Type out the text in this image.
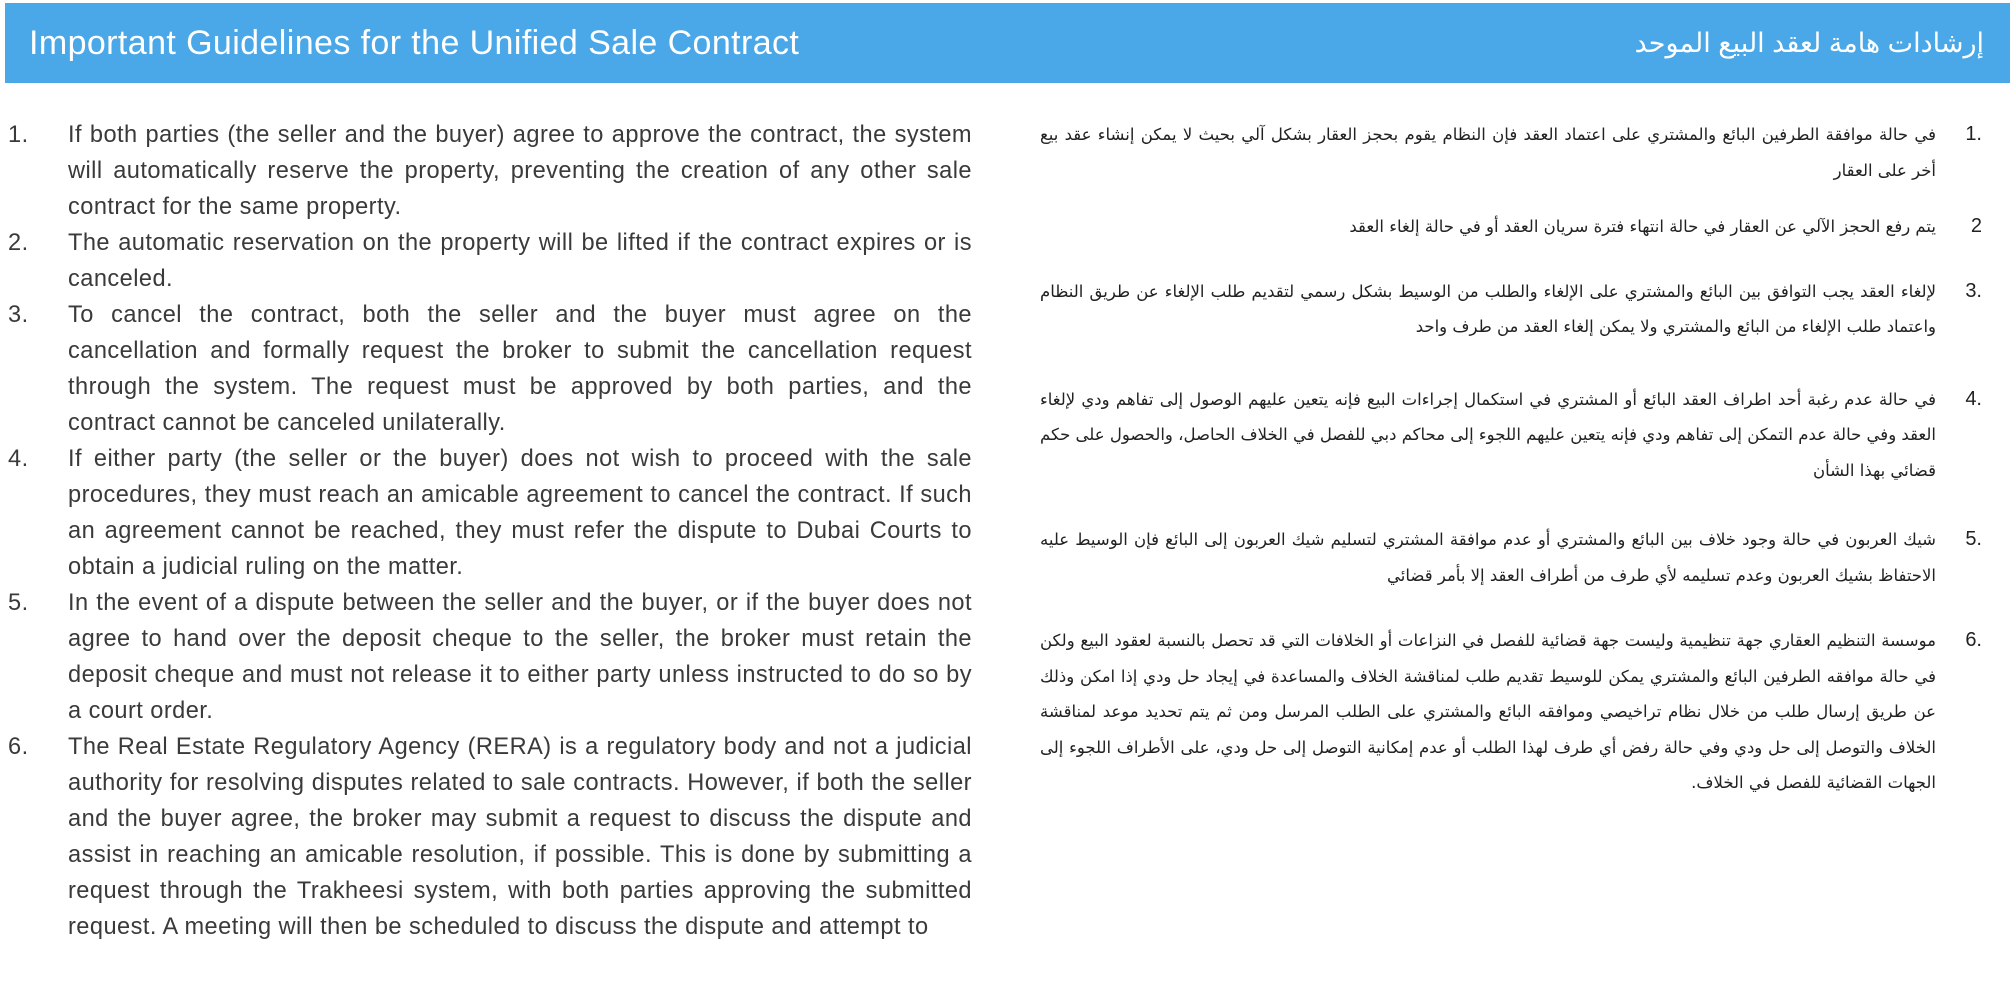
Important Guidelines for the Unified Sale Contract	إرشادات هامة لعقد البيع الموحد
1.	If both parties (the seller and the buyer) agree to approve the contract, the system will automatically reserve the property, preventing the creation of any other sale contract for the same property.
2.	The automatic reservation on the property will be lifted if the contract expires or is canceled.
3.	To cancel the contract, both the seller and the buyer must agree on the cancellation and formally request the broker to submit the cancellation request through the system. The request must be approved by both parties, and the contract cannot be canceled unilaterally.
4.	If either party (the seller or the buyer) does not wish to proceed with the sale procedures, they must reach an amicable agreement to cancel the contract. If such an agreement cannot be reached, they must refer the dispute to Dubai Courts to obtain a judicial ruling on the matter.
5.	In the event of a dispute between the seller and the buyer, or if the buyer does not agree to hand over the deposit cheque to the seller, the broker must retain the deposit cheque and must not release it to either party unless instructed to do so by a court order.
6.	The Real Estate Regulatory Agency (RERA) is a regulatory body and not a judicial authority for resolving disputes related to sale contracts. However, if both the seller and the buyer agree, the broker may submit a request to discuss the dispute and assist in reaching an amicable resolution, if possible. This is done by submitting a request through the Trakheesi system, with both parties approving the submitted request. A meeting will then be scheduled to discuss the dispute and attempt to
1.
في حالة موافقة الطرفين البائع والمشتري على اعتماد العقد فإن النظام يقوم بحجز العقار بشكل آلي بحيث لا يمكن إنشاء عقد بيع أخر على العقار
2
يتم رفع الحجز الآلي عن العقار في حالة انتهاء فترة سريان العقد أو في حالة إلغاء العقد
3.
لإلغاء العقد يجب التوافق بين البائع والمشتري على الإلغاء والطلب من الوسيط بشكل رسمي لتقديم طلب الإلغاء عن طريق النظام واعتماد طلب الإلغاء من البائع والمشتري ولا يمكن إلغاء العقد من طرف واحد
4.
في حالة عدم رغبة أحد اطراف العقد البائع أو المشتري في استكمال إجراءات البيع فإنه يتعين عليهم الوصول إلى تفاهم ودي لإلغاء العقد وفي حالة عدم التمكن إلى تفاهم ودي فإنه يتعين عليهم اللجوء إلى محاكم دبي للفصل في الخلاف الحاصل، والحصول على حكم قضائي بهذا الشأن
5.
شيك العربون في حالة وجود خلاف بين البائع والمشتري أو عدم موافقة المشتري لتسليم شيك العربون إلى البائع فإن الوسيط عليه الاحتفاظ بشيك العربون وعدم تسليمه لأي طرف من أطراف العقد إلا بأمر قضائي
6.
موسسة التنظيم العقاري جهة تنظيمية وليست جهة قضائية للفصل في النزاعات أو الخلافات التي قد تحصل بالنسبة لعقود البيع ولكن في حالة موافقه الطرفين البائع والمشتري يمكن للوسيط تقديم طلب لمناقشة الخلاف والمساعدة في إيجاد حل ودي إذا امكن وذلك عن طريق إرسال طلب من خلال نظام تراخيصي وموافقه البائع والمشتري على الطلب المرسل ومن ثم يتم تحديد موعد لمناقشة الخلاف والتوصل إلى حل ودي وفي حالة رفض أي طرف لهذا الطلب أو عدم إمكانية التوصل إلى حل ودي، على الأطراف اللجوء إلى الجهات القضائية للفصل في الخلاف.
